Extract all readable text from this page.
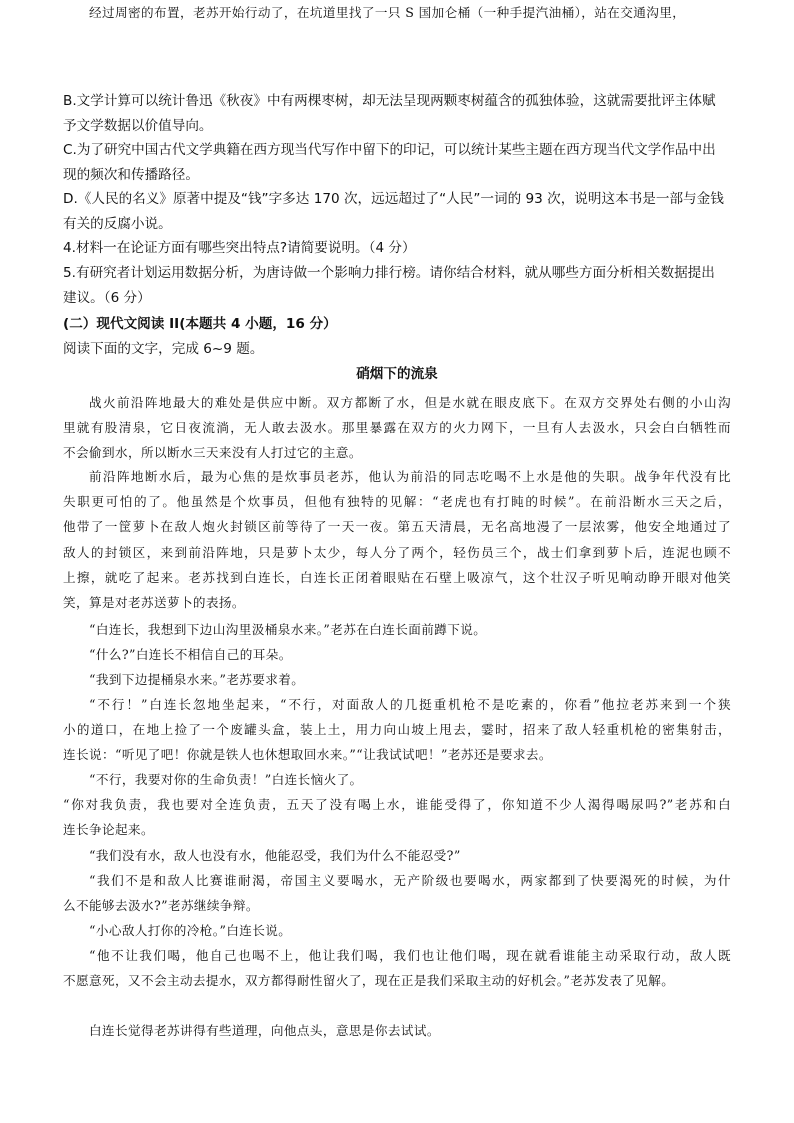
B.文学计算可以统计鲁迅《秋夜》中有两棵枣树，却无法呈现两颗枣树蕴含的孤独体验，这就需要批评主体赋
予文学数据以价值导向。
C.为了研究中国古代文学典籍在西方现当代写作中留下的印记，可以统计某些主题在西方现当代文学作品中出
现的频次和传播路径。
D.《人民的名义》原著中提及“钱”字多达 170 次，远远超过了“人民”一词的 93 次，说明这本书是一部与金钱
有关的反腐小说。
4.材料一在论证方面有哪些突出特点?请简要说明。（4 分）
5.有研究者计划运用数据分析，为唐诗做一个影响力排行榜。请你结合材料，就从哪些方面分析相关数据提出
建议。（6 分）
(二）现代文阅读 II(本题共 4 小题，16 分）
阅读下面的文字，完成 6~9 题。
硝烟下的流泉
战火前沿阵地最大的难处是供应中断。双方都断了水，但是水就在眼皮底下。在双方交界处右侧的小山沟
里就有股清泉，它日夜流淌，无人敢去汲水。那里暴露在双方的火力网下，一旦有人去汲水，只会白白牺牲而
不会偷到水，所以断水三天来没有人打过它的主意。
前沿阵地断水后，最为心焦的是炊事员老苏，他认为前沿的同志吃喝不上水是他的失职。战争年代没有比
失职更可怕的了。他虽然是个炊事员，但他有独特的见解：“老虎也有打盹的时候”。在前沿断水三天之后，
他带了一筐萝卜在敌人炮火封锁区前等待了一天一夜。第五天清晨，无名高地漫了一层浓雾，他安全地通过了
敌人的封锁区，来到前沿阵地，只是萝卜太少，每人分了两个，轻伤员三个，战士们拿到萝卜后，连泥也顾不
上擦，就吃了起来。老苏找到白连长，白连长正闭着眼贴在石壁上吸凉气，这个壮汉子听见响动睁开眼对他笑
笑，算是对老苏送萝卜的表扬。
“白连长，我想到下边山沟里汲桶泉水来。”老苏在白连长面前蹲下说。
“什么?”白连长不相信自己的耳朵。
“我到下边提桶泉水来。”老苏要求着。
“不行！”白连长忽地坐起来，“不行，对面敌人的几挺重机枪不是吃素的，你看”他拉老苏来到一个狭
小的道口，在地上捡了一个废罐头盒，装上土，用力向山坡上甩去，霎时，招来了敌人轻重机枪的密集射击，
连长说：“听见了吧！你就是铁人也休想取回水来。”“让我试试吧！”老苏还是要求去。
“不行，我要对你的生命负责！”白连长恼火了。
“你对我负责，我也要对全连负责，五天了没有喝上水，谁能受得了，你知道不少人渴得喝尿吗?”老苏和白
连长争论起来。
“我们没有水，敌人也没有水，他能忍受，我们为什么不能忍受?”
“我们不是和敌人比赛谁耐渴，帝国主义要喝水，无产阶级也要喝水，两家都到了快要渴死的时候，为什
么不能够去汲水?”老苏继续争辩。
“小心敌人打你的冷枪。”白连长说。
“他不让我们喝，他自己也喝不上，他让我们喝，我们也让他们喝，现在就看谁能主动采取行动，敌人既
不愿意死，又不会主动去提水，双方都得耐性留火了，现在正是我们采取主动的好机会。”老苏发表了见解。
白连长觉得老苏讲得有些道理，向他点头，意思是你去试试。
经过周密的布置，老苏开始行动了，在坑道里找了一只 S 国加仑桶（一种手提汽油桶），站在交通沟里，
